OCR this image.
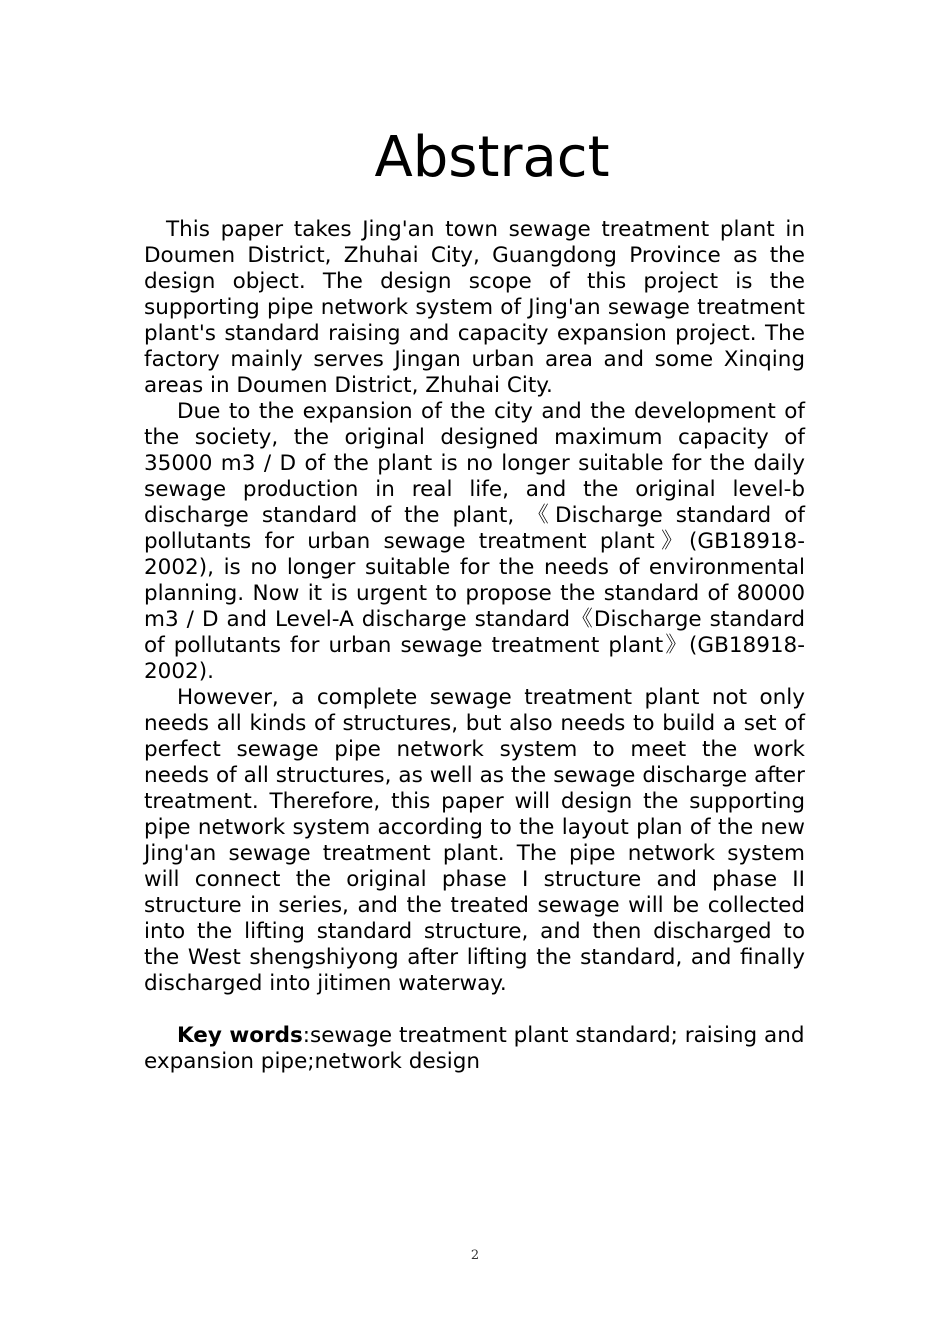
Abstract

This paper takes Jing'an town sewage treatment plant in Doumen District, Zhuhai City, Guangdong Province as the design object. The design scope of this project is the supporting pipe network system of Jing'an sewage treatment plant's standard raising and capacity expansion project. The factory mainly serves Jingan urban area and some Xinqing areas in Doumen District, Zhuhai City.

Due to the expansion of the city and the development of the society, the original designed maximum capacity of 35000 m3 / D of the plant is no longer suitable for the daily sewage production in real life, and the original level-b discharge standard of the plant, 《Discharge standard of pollutants for urban sewage treatment plant》(GB18918-2002), is no longer suitable for the needs of environmental planning. Now it is urgent to propose the standard of 80000 m3 / D and Level-A discharge standard《Discharge standard of pollutants for urban sewage treatment plant》(GB18918-2002).

However, a complete sewage treatment plant not only needs all kinds of structures, but also needs to build a set of perfect sewage pipe network system to meet the work needs of all structures, as well as the sewage discharge after treatment. Therefore, this paper will design the supporting pipe network system according to the layout plan of the new Jing'an sewage treatment plant. The pipe network system will connect the original phase I structure and phase II structure in series, and the treated sewage will be collected into the lifting standard structure, and then discharged to the West shengshiyong after lifting the standard, and finally discharged into jitimen waterway.

Key words:sewage treatment plant standard; raising and expansion pipe;network design

2
